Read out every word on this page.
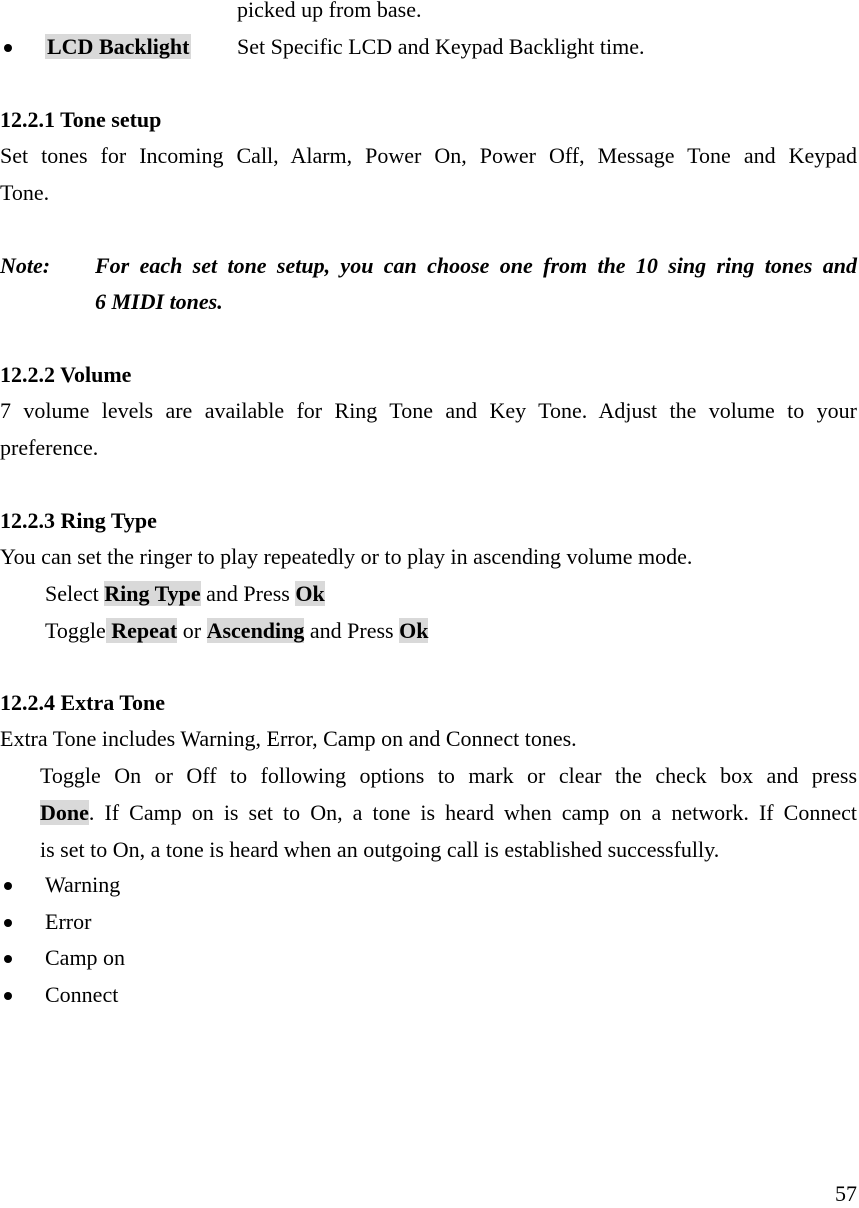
picked up from base.
LCD Backlight Set Specific LCD and Keypad Backlight time.
12.2.1 Tone setup
Set tones for Incoming Call, Alarm, Power On, Power Off, Message Tone and Keypad
Tone.
Note: For each set tone setup, you can choose one from the 10 sing ring tones and
6 MIDI tones.
12.2.2 Volume
7 volume levels are available for Ring Tone and Key Tone. Adjust the volume to your
preference.
12.2.3 Ring Type
You can set the ringer to play repeatedly or to play in ascending volume mode.
Select Ring Type and Press Ok
Toggle Repeat or Ascending and Press Ok
12.2.4 Extra Tone
Extra Tone includes Warning, Error, Camp on and Connect tones.
Toggle On or Off to following options to mark or clear the check box and press
Done. If Camp on is set to On, a tone is heard when camp on a network. If Connect
is set to On, a tone is heard when an outgoing call is established successfully.
Warning
Error
Camp on
Connect
57
